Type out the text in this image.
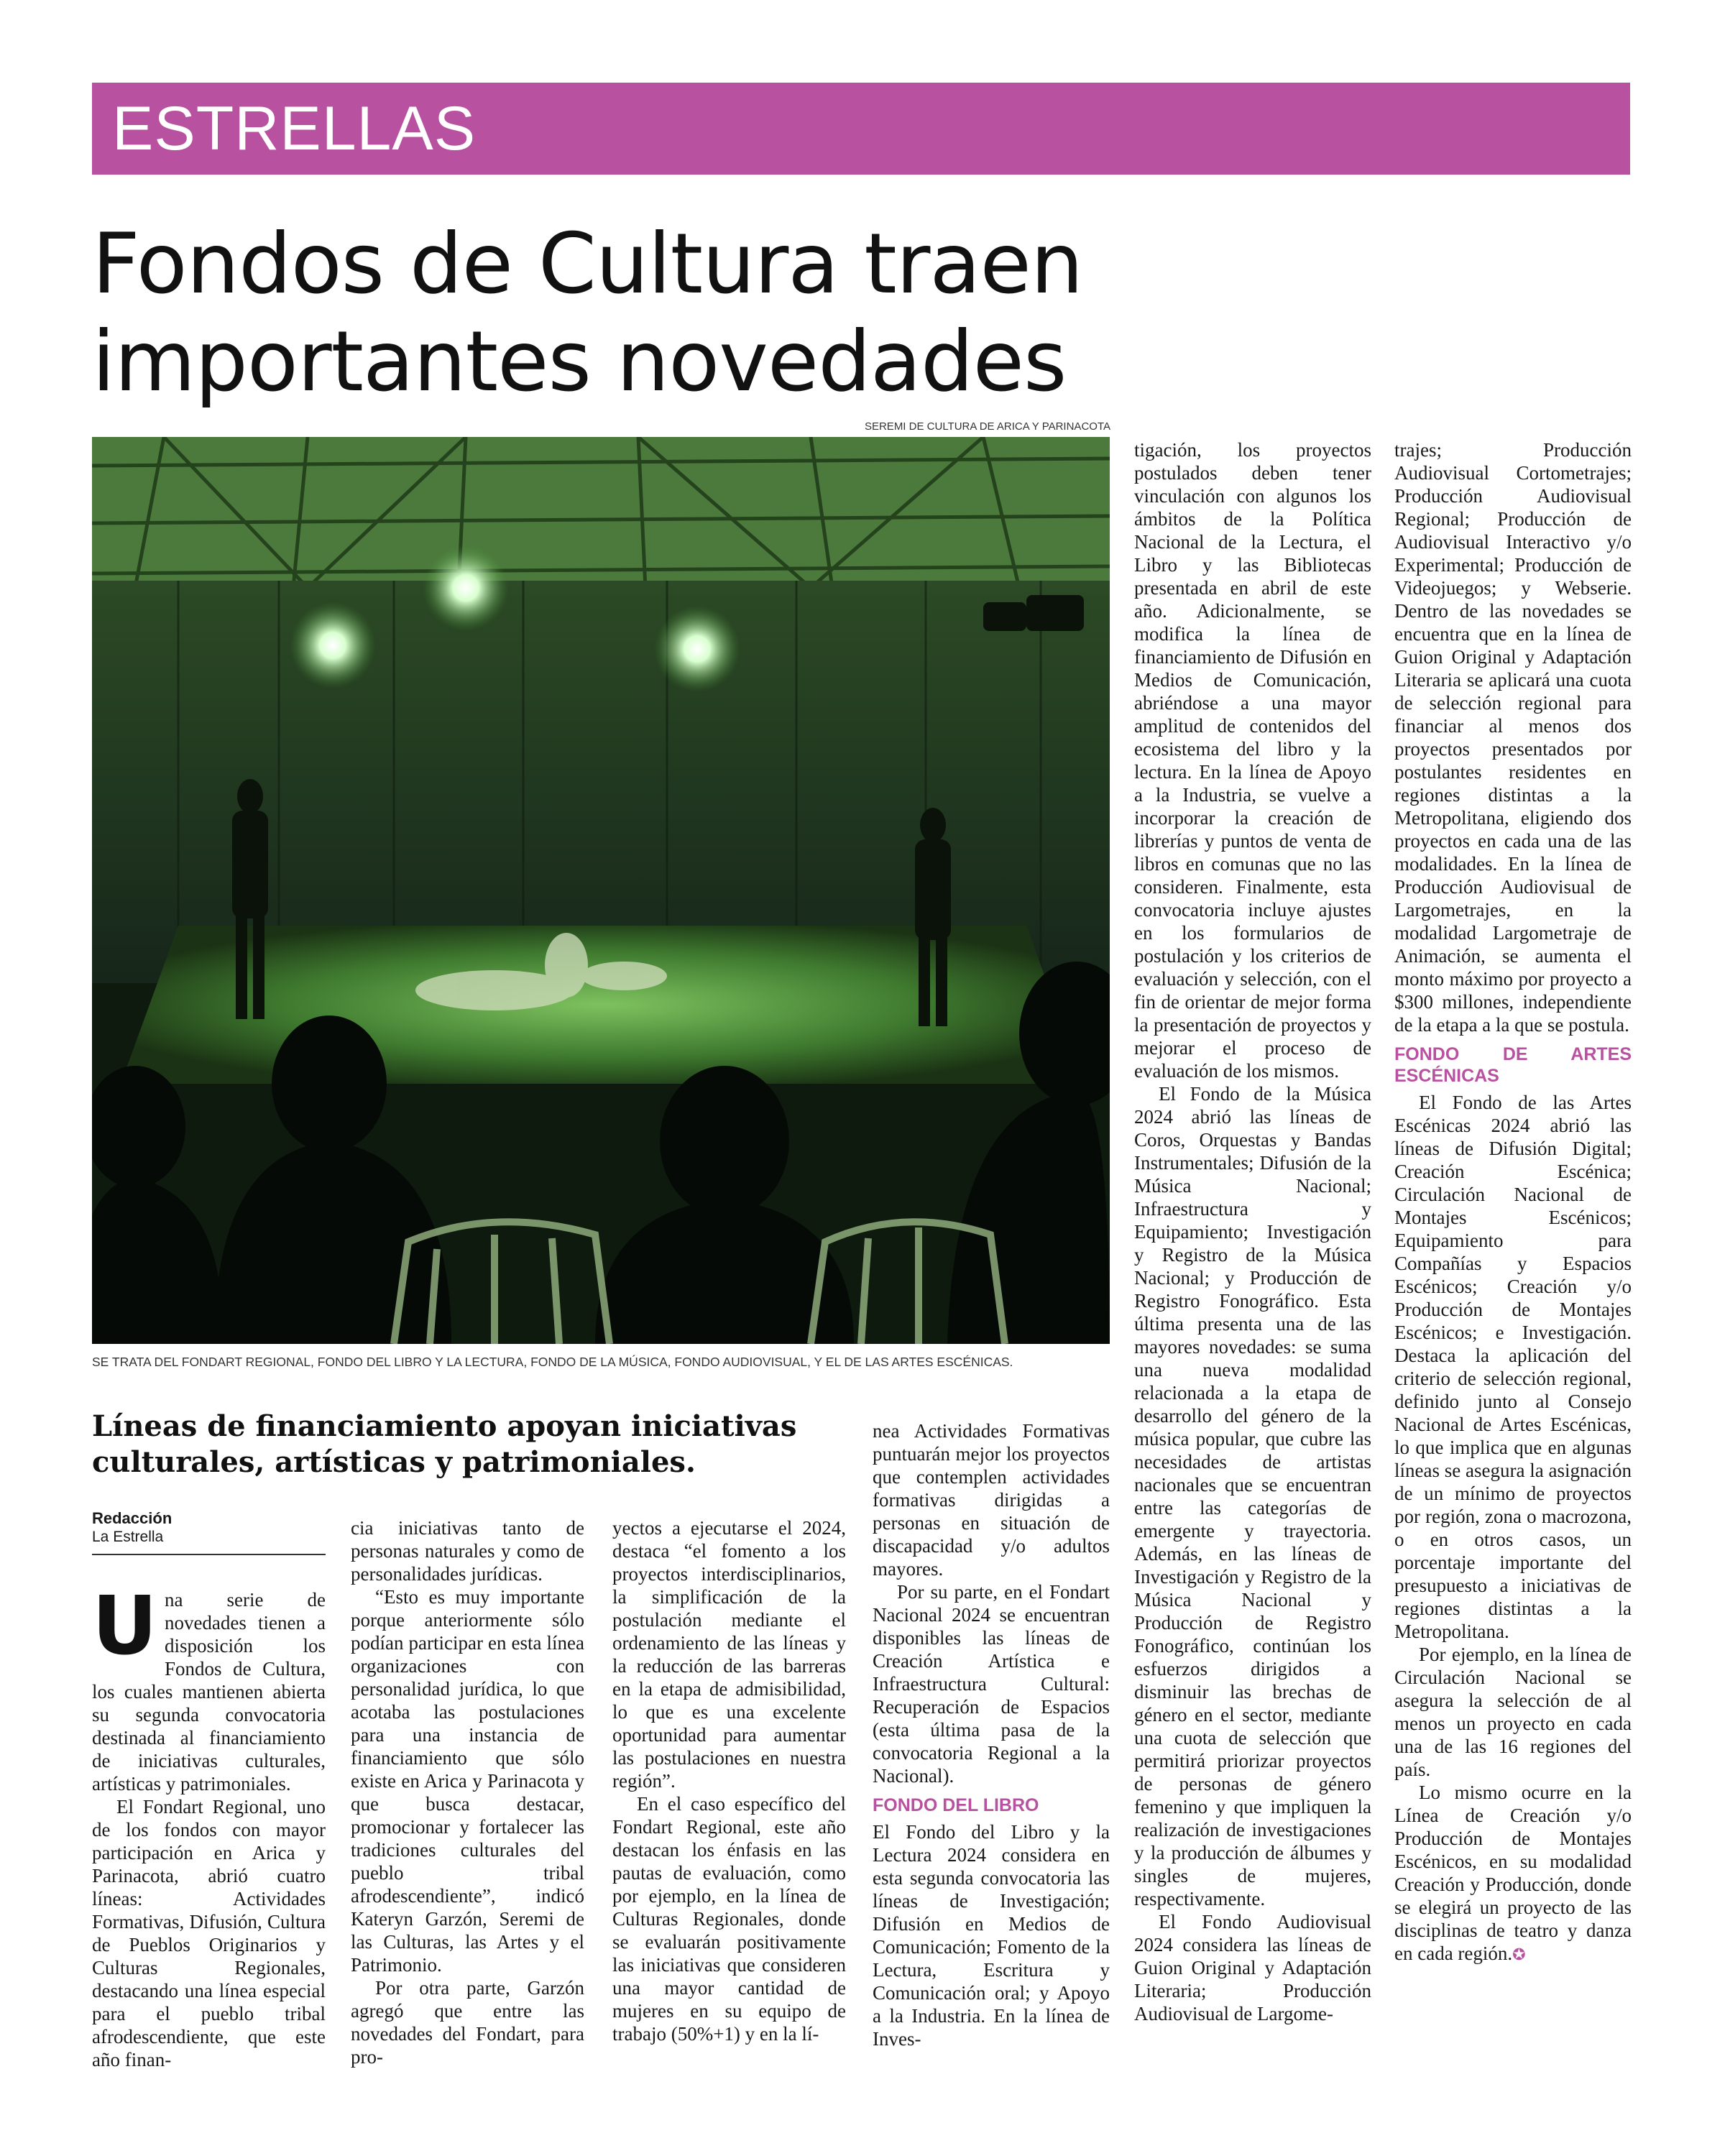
ESTRELLAS
Fondos de Cultura traen importantes novedades
SEREMI DE CULTURA DE ARICA Y PARINACOTA
SE TRATA DEL FONDART REGIONAL, FONDO DEL LIBRO Y LA LECTURA, FONDO DE LA MÚSICA, FONDO AUDIOVISUAL, Y EL DE LAS ARTES ESCÉNICAS.
Líneas de financiamiento apoyan iniciativas culturales, artísticas y patrimoniales.
Redacción
La Estrella

Una serie de novedades tienen a disposición los Fondos de Cultura, los cuales mantienen abierta su segunda convocatoria destinada al financiamiento de iniciativas culturales, artísticas y patrimoniales.

El Fondart Regional, uno de los fondos con mayor participación en Arica y Parinacota, abrió cuatro líneas: Actividades Formativas, Difusión, Cultura de Pueblos Originarios y Culturas Regionales, destacando una línea especial para el pueblo tribal afrodescendiente, que este año finan-

cia iniciativas tanto de personas naturales y como de personalidades jurídicas.

“Esto es muy importante porque anteriormente sólo podían participar en esta línea organizaciones con personalidad jurídica, lo que acotaba las postulaciones para una instancia de financiamiento que sólo existe en Arica y Parinacota y que busca destacar, promocionar y fortalecer las tradiciones culturales del pueblo tribal afrodescendiente”, indicó Kateryn Garzón, Seremi de las Culturas, las Artes y el Patrimonio.

Por otra parte, Garzón agregó que entre las novedades del Fondart, para pro-

yectos a ejecutarse el 2024, destaca “el fomento a los proyectos interdisciplinarios, la simplificación de la postulación mediante el ordenamiento de las líneas y la reducción de las barreras en la etapa de admisibilidad, lo que es una excelente oportunidad para aumentar las postulaciones en nuestra región”.

En el caso específico del Fondart Regional, este año destacan los énfasis en las pautas de evaluación, como por ejemplo, en la línea de Culturas Regionales, donde se evaluarán positivamente las iniciativas que consideren una mayor cantidad de mujeres en su equipo de trabajo (50%+1) y en la lí-

nea Actividades Formativas puntuarán mejor los proyectos que contemplen actividades formativas dirigidas a personas en situación de discapacidad y/o adultos mayores.

Por su parte, en el Fondart Nacional 2024 se encuentran disponibles las líneas de Creación Artística e Infraestructura Cultural: Recuperación de Espacios (esta última pasa de la convocatoria Regional a la Nacional).

FONDO DEL LIBRO

El Fondo del Libro y la Lectura 2024 considera en esta segunda convocatoria las líneas de Investigación; Difusión en Medios de Comunicación; Fomento de la Lectura, Escritura y Comunicación oral; y Apoyo a la Industria. En la línea de Inves-

tigación, los proyectos postulados deben tener vinculación con algunos los ámbitos de la Política Nacional de la Lectura, el Libro y las Bibliotecas presentada en abril de este año. Adicionalmente, se modifica la línea de financiamiento de Difusión en Medios de Comunicación, abriéndose a una mayor amplitud de contenidos del ecosistema del libro y la lectura. En la línea de Apoyo a la Industria, se vuelve a incorporar la creación de librerías y puntos de venta de libros en comunas que no las consideren. Finalmente, esta convocatoria incluye ajustes en los formularios de postulación y los criterios de evaluación y selección, con el fin de orientar de mejor forma la presentación de proyectos y mejorar el proceso de evaluación de los mismos.

El Fondo de la Música 2024 abrió las líneas de Coros, Orquestas y Bandas Instrumentales; Difusión de la Música Nacional; Infraestructura y Equipamiento; Investigación y Registro de la Música Nacional; y Producción de Registro Fonográfico. Esta última presenta una de las mayores novedades: se suma una nueva modalidad relacionada a la etapa de desarrollo del género de la música popular, que cubre las necesidades de artistas nacionales que se encuentran entre las categorías de emergente y trayectoria. Además, en las líneas de Investigación y Registro de la Música Nacional y Producción de Registro Fonográfico, continúan los esfuerzos dirigidos a disminuir las brechas de género en el sector, mediante una cuota de selección que permitirá priorizar proyectos de personas de género femenino y que impliquen la realización de investigaciones y la producción de álbumes y singles de mujeres, respectivamente.

El Fondo Audiovisual 2024 considera las líneas de Guion Original y Adaptación Literaria; Producción Audiovisual de Largome-

trajes; Producción Audiovisual Cortometrajes; Producción Audiovisual Regional; Producción de Audiovisual Interactivo y/o Experimental; Producción de Videojuegos; y Webserie. Dentro de las novedades se encuentra que en la línea de Guion Original y Adaptación Literaria se aplicará una cuota de selección regional para financiar al menos dos proyectos presentados por postulantes residentes en regiones distintas a la Metropolitana, eligiendo dos proyectos en cada una de las modalidades. En la línea de Producción Audiovisual de Largometrajes, en la modalidad Largometraje de Animación, se aumenta el monto máximo por proyecto a $300 millones, independiente de la etapa a la que se postula.

FONDO DE ARTES ESCÉNICAS

El Fondo de las Artes Escénicas 2024 abrió las líneas de Difusión Digital; Creación Escénica; Circulación Nacional de Montajes Escénicos; Equipamiento para Compañías y Espacios Escénicos; Creación y/o Producción de Montajes Escénicos; e Investigación. Destaca la aplicación del criterio de selección regional, definido junto al Consejo Nacional de Artes Escénicas, lo que implica que en algunas líneas se asegura la asignación de un mínimo de proyectos por región, zona o macrozona, o en otros casos, un porcentaje importante del presupuesto a iniciativas de regiones distintas a la Metropolitana.

Por ejemplo, en la línea de Circulación Nacional se asegura la selección de al menos un proyecto en cada una de las 16 regiones del país.

Lo mismo ocurre en la Línea de Creación y/o Producción de Montajes Escénicos, en su modalidad Creación y Producción, donde se elegirá un proyecto de las disciplinas de teatro y danza en cada región.✪
